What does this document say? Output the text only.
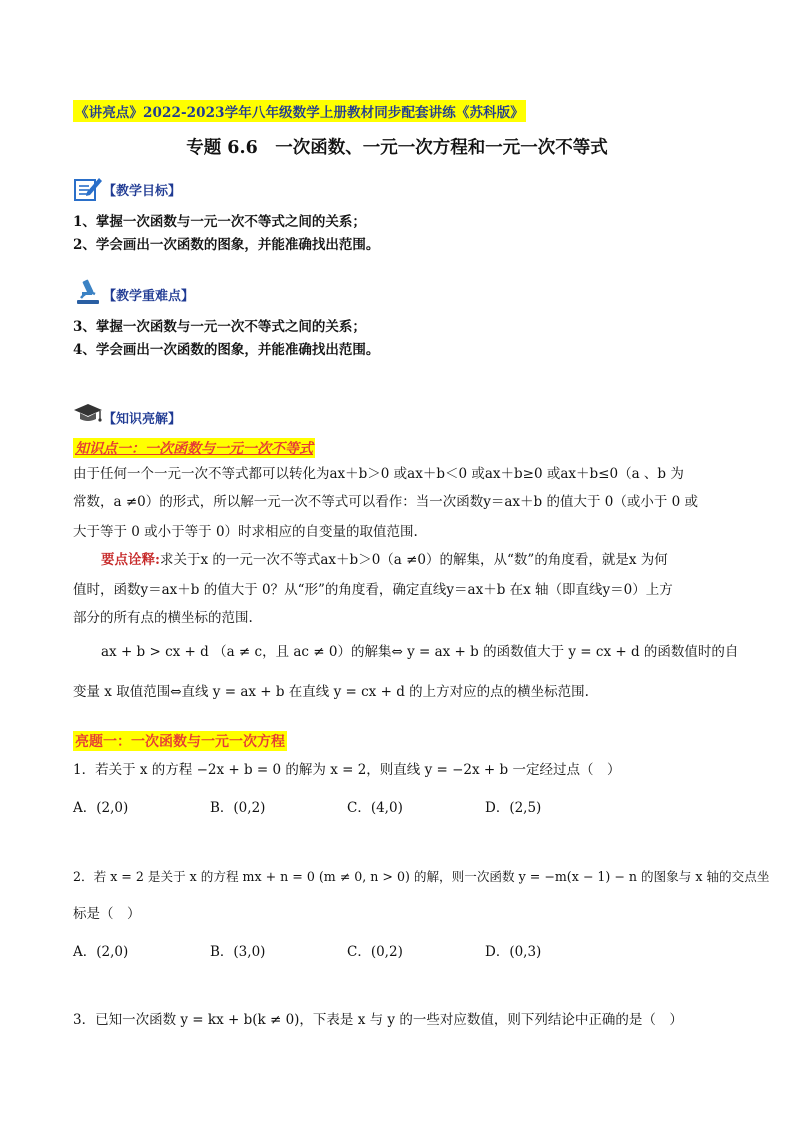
《讲亮点》2022-2023学年八年级数学上册教材同步配套讲练《苏科版》
专题 6.6　一次函数、一元一次方程和一元一次不等式
【教学目标】
1、掌握一次函数与一元一次不等式之间的关系；
2、学会画出一次函数的图象，并能准确找出范围。
【教学重难点】
3、掌握一次函数与一元一次不等式之间的关系；
4、学会画出一次函数的图象，并能准确找出范围。
【知识亮解】
知识点一：一次函数与一元一次不等式
由于任何一个一元一次不等式都可以转化为ax＋b＞0 或ax＋b＜0 或ax＋b≥0 或ax＋b≤0（a 、b 为
常数，a ≠0）的形式，所以解一元一次不等式可以看作：当一次函数y＝ax＋b 的值大于 0（或小于 0 或
大于等于 0 或小于等于 0）时求相应的自变量的取值范围.
要点诠释:求关于x 的一元一次不等式ax＋b＞0（a ≠0）的解集，从“数”的角度看，就是x 为何
值时，函数y＝ax＋b 的值大于 0？从“形”的角度看，确定直线y＝ax＋b 在x 轴（即直线y＝0）上方
部分的所有点的横坐标的范围.
ax + b > cx + d （a ≠ c，且 ac ≠ 0）的解集⇔ y = ax + b 的函数值大于 y = cx + d 的函数值时的自
变量 x 取值范围⇔直线 y = ax + b 在直线 y = cx + d 的上方对应的点的横坐标范围.
亮题一：一次函数与一元一次方程
1．若关于 x 的方程 −2x + b = 0 的解为 x = 2，则直线 y = −2x + b 一定经过点（　）
A．(2,0)	B．(0,2)	C．(4,0)	D．(2,5)
2．若 x = 2 是关于 x 的方程 mx + n = 0 (m ≠ 0, n > 0) 的解，则一次函数 y = −m(x − 1) − n 的图象与 x 轴的交点坐
标是（　）
A．(2,0)	B．(3,0)	C．(0,2)	D．(0,3)
3．已知一次函数 y = kx + b(k ≠ 0)，下表是 x 与 y 的一些对应数值，则下列结论中正确的是（　）
